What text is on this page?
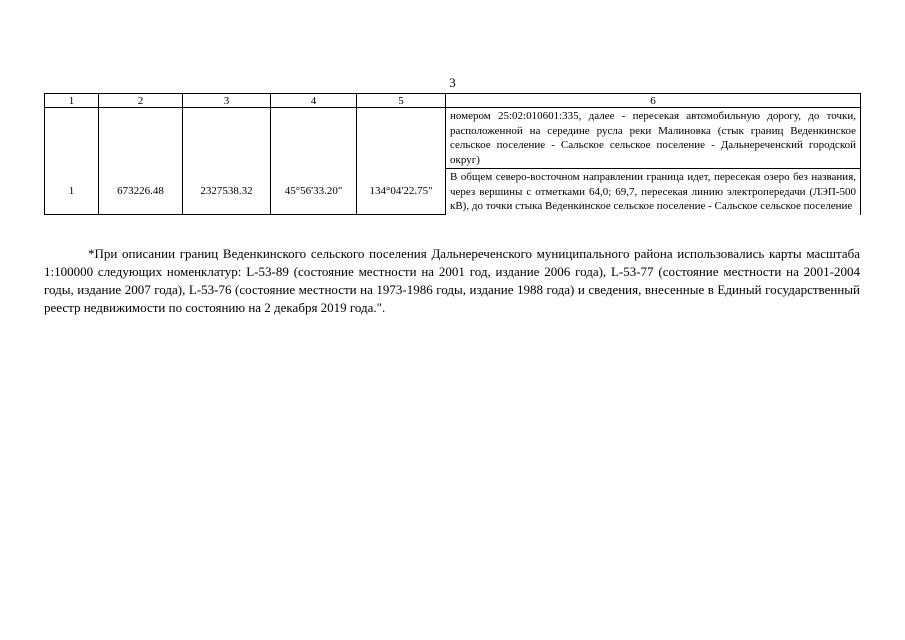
3
1	2	3	4	5	6
					номером 25:02:010601:335, далее - пересекая автомобильную дорогу, до точки, расположенной на середине русла реки Малиновка (стык границ Веденкинское сельское поселение - Сальское сельское поселение - Дальнереченский городской округ)
1	673226.48	2327538.32	45°56'33.20"	134°04'22.75"	В общем северо-восточном направлении граница идет, пересекая озеро без названия, через вершины с отметками 64,0; 69,7, пересекая линию электропередачи (ЛЭП-500 кВ), до точки стыка Веденкинское сельское поселение - Сальское сельское поселение

*При описании границ Веденкинского сельского поселения Дальнереченского муниципального района использовались карты масштаба 1:100000 следующих номенклатур: L-53-89 (состояние местности на 2001 год, издание 2006 года), L-53-77 (состояние местности на 2001-2004 годы, издание 2007 года), L-53-76 (состояние местности на 1973-1986 годы, издание 1988 года) и сведения, внесенные в Единый государственный реестр недвижимости по состоянию на 2 декабря 2019 года.".
